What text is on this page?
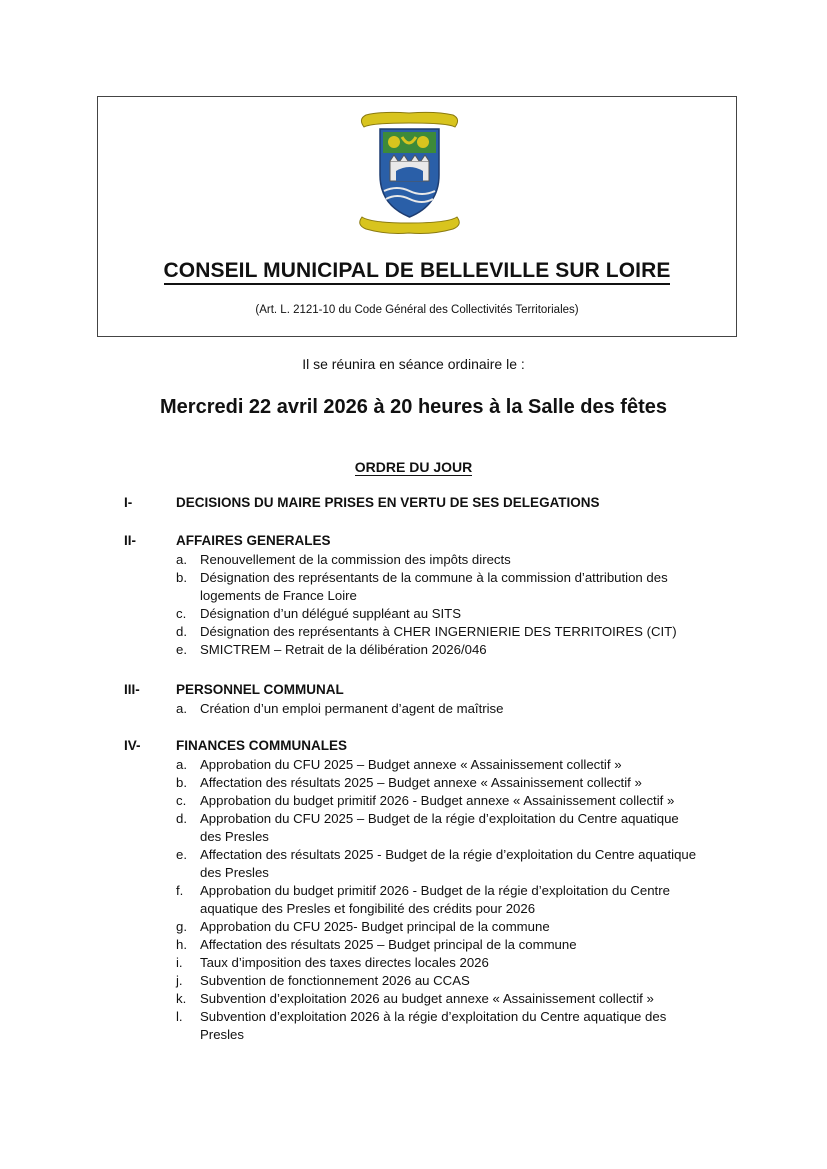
CONSEIL MUNICIPAL DE BELLEVILLE SUR LOIRE
(Art. L. 2121-10 du Code Général des Collectivités Territoriales)
Il se réunira en séance ordinaire le :
Mercredi 22 avril 2026 à 20 heures à la Salle des fêtes
ORDRE DU JOUR
I-	DECISIONS DU MAIRE PRISES EN VERTU DE SES DELEGATIONS
II-	AFFAIRES GENERALES
a. Renouvellement de la commission des impôts directs
b. Désignation des représentants de la commune à la commission d’attribution des logements de France Loire
c. Désignation d’un délégué suppléant au SITS
d. Désignation des représentants à CHER INGERNIERIE DES TERRITOIRES (CIT)
e. SMICTREM – Retrait de la délibération 2026/046
III-	PERSONNEL COMMUNAL
a. Création d’un emploi permanent d’agent de maîtrise
IV-	FINANCES COMMUNALES
a. Approbation du CFU 2025 – Budget annexe « Assainissement collectif »
b. Affectation des résultats 2025 – Budget annexe « Assainissement collectif »
c. Approbation du budget primitif 2026 - Budget annexe « Assainissement collectif »
d. Approbation du CFU 2025 – Budget de la régie d’exploitation du Centre aquatique des Presles
e. Affectation des résultats 2025 - Budget de la régie d’exploitation du Centre aquatique des Presles
f. Approbation du budget primitif 2026 - Budget de la régie d’exploitation du Centre aquatique des Presles et fongibilité des crédits pour 2026
g. Approbation du CFU 2025- Budget principal de la commune
h. Affectation des résultats 2025 – Budget principal de la commune
i. Taux d’imposition des taxes directes locales 2026
j. Subvention de fonctionnement 2026 au CCAS
k. Subvention d’exploitation 2026 au budget annexe « Assainissement collectif »
l. Subvention d’exploitation 2026 à la régie d’exploitation du Centre aquatique des Presles
